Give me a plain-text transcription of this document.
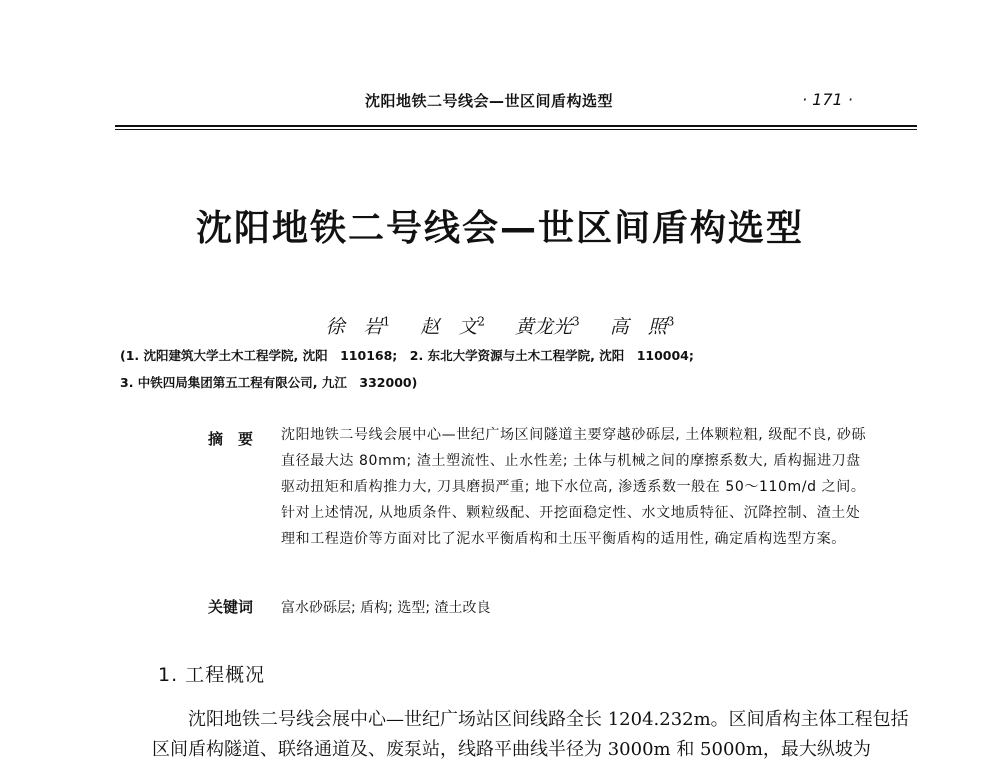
沈阳地铁二号线会—世区间盾构选型	· 171 ·
沈阳地铁二号线会—世区间盾构选型
徐　岩$^1$ 赵　文$^2$ 黄龙光$^3$ 高　照$^3$
(1. 沈阳建筑大学土木工程学院, 沈阳　110168;　2. 东北大学资源与土木工程学院, 沈阳　110004;
3. 中铁四局集团第五工程有限公司, 九江　332000)
摘　要 沈阳地铁二号线会展中心—世纪广场区间隧道主要穿越砂砾层, 土体颗粒粗, 级配不良, 砂砾直径最大达 80mm; 渣土塑流性、止水性差; 土体与机械之间的摩擦系数大, 盾构掘进刀盘驱动扭矩和盾构推力大, 刀具磨损严重; 地下水位高, 渗透系数一般在 50～110m/d 之间。针对上述情况, 从地质条件、颗粒级配、开挖面稳定性、水文地质特征、沉降控制、渣土处理和工程造价等方面对比了泥水平衡盾构和土压平衡盾构的适用性, 确定盾构选型方案。
关键词 富水砂砾层; 盾构; 选型; 渣土改良
1. 工程概况
沈阳地铁二号线会展中心—世纪广场站区间线路全长 1204.232m。区间盾构主体工程包括区间盾构隧道、联络通道及、废泵站，线路平曲线半径为 3000m 和 5000m，最大纵坡为
